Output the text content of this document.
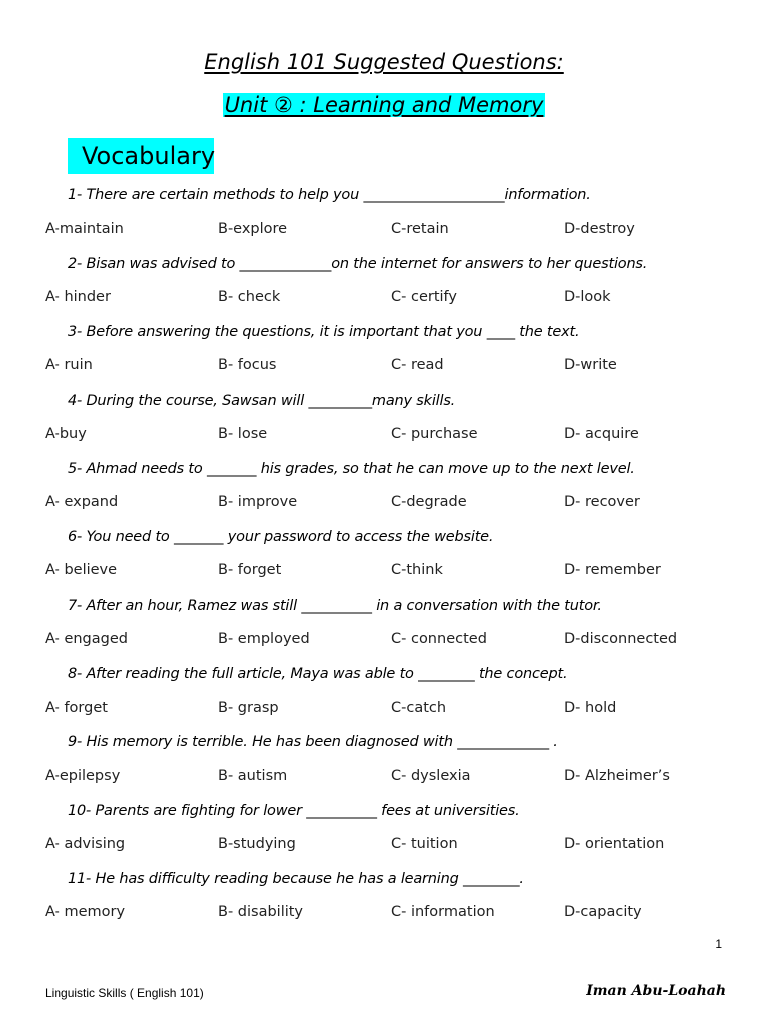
English 101 Suggested Questions:
Unit ② : Learning and Memory
Vocabulary
1- There are certain methods to help you ____________________information.
A-maintain	B-explore	C-retain	D-destroy
2- Bisan was advised to _____________on the internet for answers to her questions.
A- hinder	B- check	C- certify	D-look
3- Before answering the questions, it is important that you ____ the text.
A- ruin	B- focus	C- read	D-write
4- During the course, Sawsan will _________many skills.
A-buy	B- lose	C- purchase	D- acquire
5- Ahmad needs to _______ his grades, so that he can move up to the next level.
A- expand	B- improve	C-degrade	D- recover
6- You need to _______ your password to access the website.
A- believe	B- forget	C-think	D- remember
7- After an hour, Ramez was still __________ in a conversation with the tutor.
A- engaged	B- employed	C- connected	D-disconnected
8- After reading the full article, Maya was able to ________ the concept.
A- forget	B- grasp	C-catch	D- hold
9- His memory is terrible. He has been diagnosed with _____________ .
A-epilepsy	B- autism	C- dyslexia	D- Alzheimer’s
10- Parents are fighting for lower __________ fees at universities.
A- advising	B-studying	C- tuition	D- orientation
11- He has difficulty reading because he has a learning ________.
A- memory	B- disability	C- information	D-capacity
1
Linguistic Skills ( English 101)	Iman Abu-Loahah
